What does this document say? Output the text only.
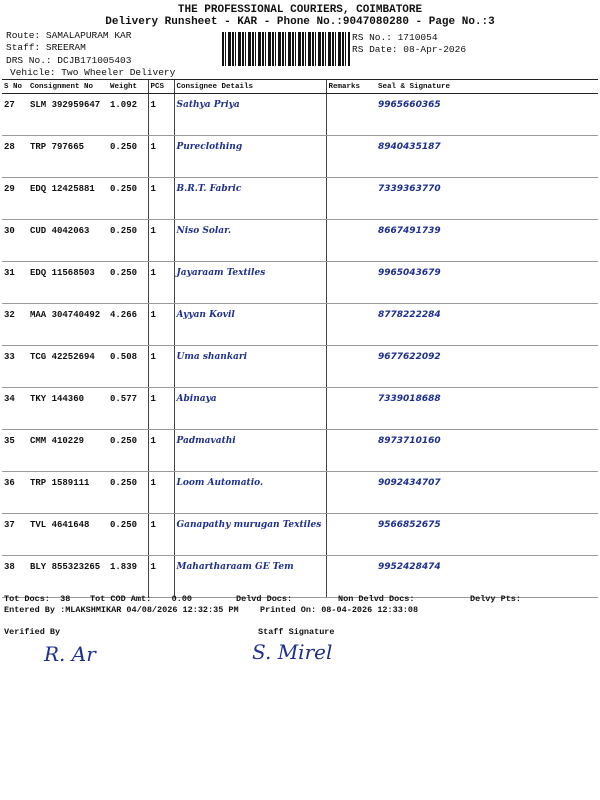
THE PROFESSIONAL COURIERS, COIMBATORE
Delivery Runsheet - KAR - Phone No.:9047080280 - Page No.:3
Route: SAMALAPURAM KAR
Staff: SREERAM
DRS No.: DCJB171005403
Vehicle: Two Wheeler Delivery
RS No.: 1710054
RS Date: 08-Apr-2026
S No	Consignment No	Weight	PCS	Consignee Details	Remarks	Seal & Signature
27	SLM 392959647	1.092	1	Sathya Priya		9965660365
28	TRP 797665	0.250	1	Pureclothing		8940435187
29	EDQ 12425881	0.250	1	B.R.T. Fabric		7339363770
30	CUD 4042063	0.250	1	Niso Solar.		8667491739
31	EDQ 11568503	0.250	1	Jayaraam Textiles		9965043679
32	MAA 304740492	4.266	1	Ayyan Kovil		8778222284
33	TCG 42252694	0.508	1	Uma shankari		9677622092
34	TKY 144360	0.577	1	Abinaya		7339018688
35	CMM 410229	0.250	1	Padmavathi		8973710160
36	TRP 1589111	0.250	1	Loom Automatio.		9092434707
37	TVL 4641648	0.250	1	Ganapathy murugan Textiles		9566852675
38	BLY 855323265	1.839	1	Mahartharaam GE Tem		9952428474
Tot Docs: 38 Tot COD Amt: 0.00	Delvd Docs:	Non Delvd Docs:	Delvy Pts:
Entered By :MLAKSHMIKAR 04/08/2026 12:32:35 PM	Printed On: 08-04-2026 12:33:08
Verified By	Staff Signature
R. Ar	S. Mirel
